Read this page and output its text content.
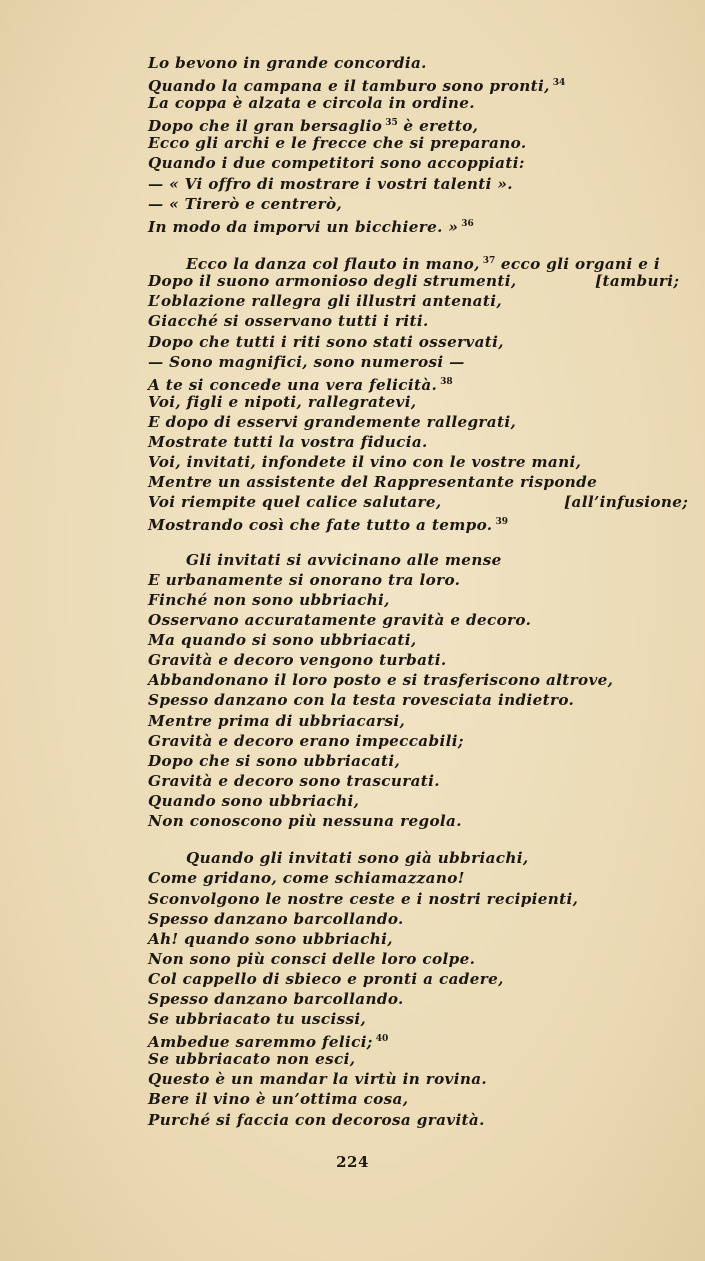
Lo bevono in grande concordia.
Quando la campana e il tamburo sono pronti, $^{34}$
La coppa è alzata e circola in ordine.
Dopo che il gran bersaglio $^{35}$ è eretto,
Ecco gli archi e le frecce che si preparano.
Quando i due competitori sono accoppiati:
— « Vi offro di mostrare i vostri talenti ».
— « Tirerò e centrerò,
In modo da imporvi un bicchiere. » $^{36}$
Ecco la danza col flauto in mano, $^{37}$ ecco gli organi e i
Dopo il suono armonioso degli strumenti,	[tamburi;
L’oblazione rallegra gli illustri antenati,
Giacché si osservano tutti i riti.
Dopo che tutti i riti sono stati osservati,
— Sono magnifici, sono numerosi —
A te si concede una vera felicità. $^{38}$
Voi, figli e nipoti, rallegratevi,
E dopo di esservi grandemente rallegrati,
Mostrate tutti la vostra fiducia.
Voi, invitati, infondete il vino con le vostre mani,
Mentre un assistente del Rappresentante risponde
Voi riempite quel calice salutare,	[all’infusione;
Mostrando così che fate tutto a tempo. $^{39}$
Gli invitati si avvicinano alle mense
E urbanamente si onorano tra loro.
Finché non sono ubbriachi,
Osservano accuratamente gravità e decoro.
Ma quando si sono ubbriacati,
Gravità e decoro vengono turbati.
Abbandonano il loro posto e si trasferiscono altrove,
Spesso danzano con la testa rovesciata indietro.
Mentre prima di ubbriacarsi,
Gravità e decoro erano impeccabili;
Dopo che si sono ubbriacati,
Gravità e decoro sono trascurati.
Quando sono ubbriachi,
Non conoscono più nessuna regola.
Quando gli invitati sono già ubbriachi,
Come gridano, come schiamazzano!
Sconvolgono le nostre ceste e i nostri recipienti,
Spesso danzano barcollando.
Ah! quando sono ubbriachi,
Non sono più consci delle loro colpe.
Col cappello di sbieco e pronti a cadere,
Spesso danzano barcollando.
Se ubbriacato tu uscissi,
Ambedue saremmo felici; $^{40}$
Se ubbriacato non esci,
Questo è un mandar la virtù in rovina.
Bere il vino è un’ottima cosa,
Purché si faccia con decorosa gravità.
224
